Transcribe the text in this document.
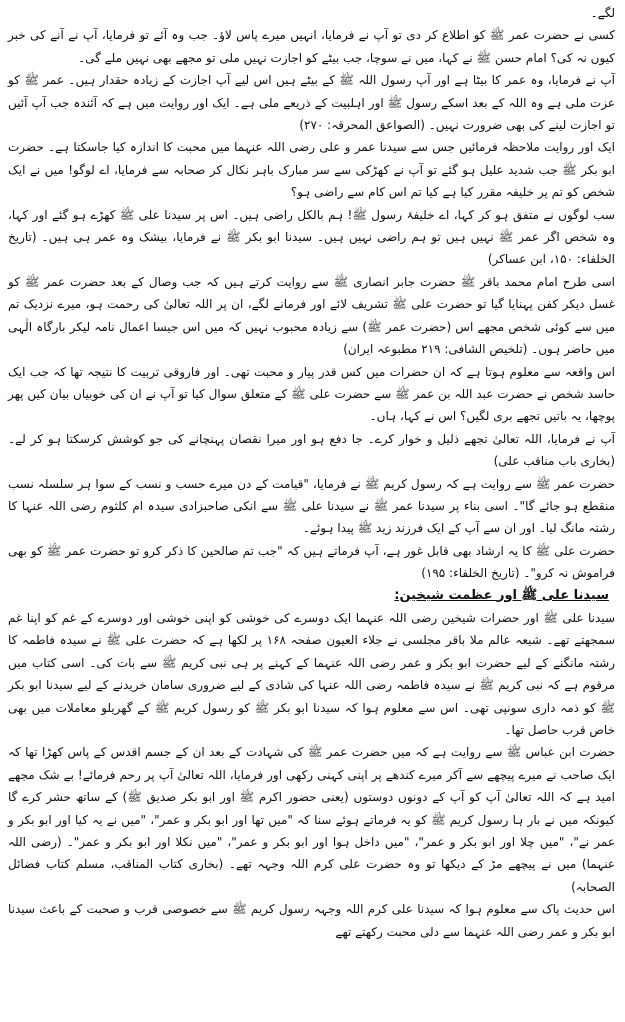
لگے۔

کسی نے حضرت عمر ﷺ کو اطلاع کر دی تو آپ نے فرمایا، انہیں میرے پاس لاؤ۔ جب وہ آئے تو فرمایا، آپ نے آنے کی خبر کیوں نہ کی؟ امام حسن ﷺ نے کہا، میں نے سوچا، جب بیٹے کو اجازت نہیں ملی تو مجھے بھی نہیں ملے گی۔

آپ نے فرمایا، وہ عمر کا بیٹا ہے اور آپ رسول اللہ ﷺ کے بیٹے ہیں اس لیے آپ اجازت کے زیادہ حقدار ہیں۔ عمر ﷺ کو عزت ملی ہے وہ اللہ کے بعد اسکے رسول ﷺ اور اہلبیت کے ذریعے ملی ہے۔ ایک اور روایت میں ہے کہ آئندہ جب آپ آئیں تو اجازت لینے کی بھی ضرورت نہیں۔ (الصواعق المحرقہ: ۲۷۰)

ایک اور روایت ملاحظہ فرمائیں جس سے سیدنا عمر و علی رضی اللہ عنہما میں محبت کا اندازہ کیا جاسکتا ہے۔ حضرت ابو بکر ﷺ جب شدید علیل ہو گئے تو آپ نے کھڑکی سے سر مبارک باہر نکال کر صحابہ سے فرمایا، اے لوگو! میں نے ایک شخص کو تم پر خلیفہ مقرر کیا ہے کیا تم اس کام سے راضی ہو؟

سب لوگوں نے متفق ہو کر کہا، اے خلیفۂ رسول ﷺ! ہم بالکل راضی ہیں۔ اس پر سیدنا علی ﷺ کھڑے ہو گئے اور کہا، وہ شخص اگر عمر ﷺ نہیں ہیں تو ہم راضی نہیں ہیں۔ سیدنا ابو بکر ﷺ نے فرمایا، بیشک وہ عمر ہی ہیں۔ (تاریخ الخلفاء: ۱۵۰، ابن عساکر)

اسی طرح امام محمد باقر ﷺ حضرت جابر انصاری ﷺ سے روایت کرتے ہیں کہ جب وصال کے بعد حضرت عمر ﷺ کو غسل دیکر کفن پہنایا گیا تو حضرت علی ﷺ تشریف لائے اور فرمانے لگے، ان پر اللہ تعالیٰ کی رحمت ہو، میرے نزدیک تم میں سے کوئی شخص مجھے اس (حضرت عمر ﷺ) سے زیادہ محبوب نہیں کہ میں اس جیسا اعمال نامہ لیکر بارگاہ الٰہی میں حاضر ہوں۔ (تلخیص الشافی: ۲۱۹ مطبوعہ ایران)

اس واقعہ سے معلوم ہوتا ہے کہ ان حضرات میں کس قدر پیار و محبت تھی۔ اور فاروقی تربیت کا نتیجہ تھا کہ جب ایک حاسد شخص نے حضرت عبد اللہ بن عمر ﷺ سے حضرت علی ﷺ کے متعلق سوال کیا تو آپ نے ان کی خوبیاں بیان کیں پھر پوچھا، یہ باتیں تجھے بری لگیں؟ اس نے کہا، ہاں۔

آپ نے فرمایا، اللہ تعالیٰ تجھے ذلیل و خوار کرے۔ جا دفع ہو اور میرا نقصان پہنچانے کی جو کوشش کرسکتا ہو کر لے۔ (بخاری باب مناقب علی)

حضرت عمر ﷺ سے روایت ہے کہ رسول کریم ﷺ نے فرمایا، "قیامت کے دن میرے حسب و نسب کے سوا ہر سلسلہ نسب منقطع ہو جائے گا"۔ اسی بناء پر سیدنا عمر ﷺ نے سیدنا علی ﷺ سے انکی صاحبزادی سیدہ ام کلثوم رضی اللہ عنہا کا رشتہ مانگ لیا۔ اور ان سے آپ کے ایک فرزند زید ﷺ پیدا ہوئے۔

حضرت علی ﷺ کا یہ ارشاد بھی قابل غور ہے، آپ فرماتے ہیں کہ "جب تم صالحین کا ذکر کرو تو حضرت عمر ﷺ کو بھی فراموش نہ کرو"۔ (تاریخ الخلفاء: ۱۹۵)

سیدنا علی ﷺ اور عظمت شیخین:

سیدنا علی ﷺ اور حضرات شیخین رضی اللہ عنہما ایک دوسرے کی خوشی کو اپنی خوشی اور دوسرے کے غم کو اپنا غم سمجھتے تھے۔ شیعہ عالم ملا باقر مجلسی نے جلاء العیون صفحہ ۱۶۸ پر لکھا ہے کہ حضرت علی ﷺ نے سیدہ فاطمہ کا رشتہ مانگنے کے لیے حضرت ابو بکر و عمر رضی اللہ عنہما کے کہنے پر ہی نبی کریم ﷺ سے بات کی۔ اسی کتاب میں مرقوم ہے کہ نبی کریم ﷺ نے سیدہ فاطمہ رضی اللہ عنہا کی شادی کے لیے ضروری سامان خریدنے کے لیے سیدنا ابو بکر ﷺ کو ذمہ داری سونپی تھی۔ اس سے معلوم ہوا کہ سیدنا ابو بکر ﷺ کو رسول کریم ﷺ کے گھریلو معاملات میں بھی خاص قرب حاصل تھا۔

حضرت ابن عباس ﷺ سے روایت ہے کہ میں حضرت عمر ﷺ کی شہادت کے بعد ان کے جسم اقدس کے پاس کھڑا تھا کہ ایک صاحب نے میرے پیچھے سے آکر میرے کندھے پر اپنی کہنی رکھی اور فرمایا، اللہ تعالیٰ آپ پر رحم فرمائے! بے شک مجھے امید ہے کہ اللہ تعالیٰ آپ کو آپ کے دونوں دوستوں (یعنی حضور اکرم ﷺ اور ابو بکر صدیق ﷺ) کے ساتھ حشر کرے گا کیونکہ میں نے بار ہا رسول کریم ﷺ کو یہ فرماتے ہوئے سنا کہ "میں تھا اور ابو بکر و عمر"، "میں نے یہ کیا اور ابو بکر و عمر نے"، "میں چلا اور ابو بکر و عمر"، "میں داخل ہوا اور ابو بکر و عمر"، "میں نکلا اور ابو بکر و عمر"۔ (رضی اللہ عنہما) میں نے پیچھے مڑ کے دیکھا تو وہ حضرت علی کرم اللہ وجہہ تھے۔ (بخاری کتاب المناقب، مسلم کتاب فضائل الصحابہ)

اس حدیث پاک سے معلوم ہوا کہ سیدنا علی کرم اللہ وجہہ رسول کریم ﷺ سے خصوصی قرب و صحبت کے باعث سیدنا ابو بکر و عمر رضی اللہ عنہما سے دلی محبت رکھتے تھے
